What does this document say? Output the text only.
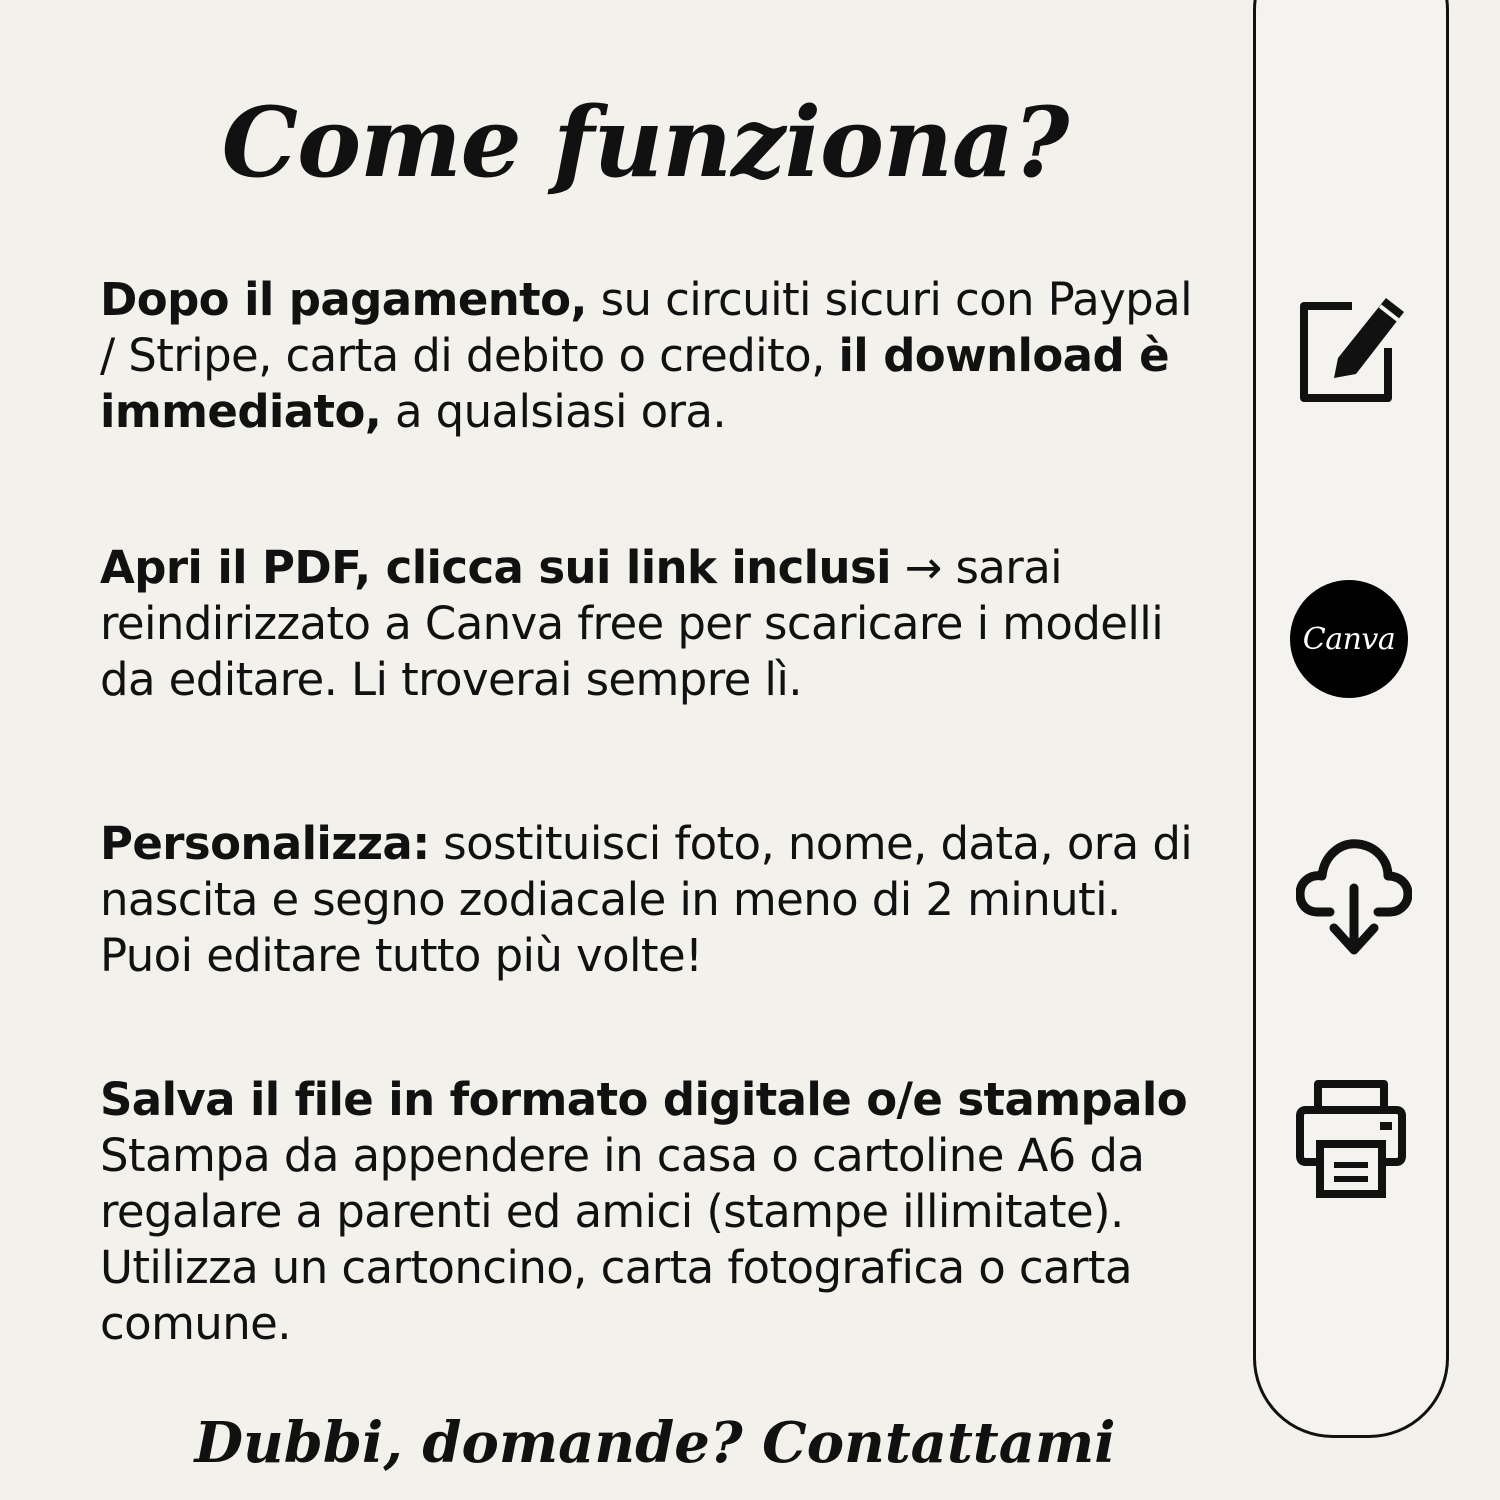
Come funziona?
Dopo il pagamento, su circuiti sicuri con Paypal / Stripe, carta di debito o credito, il download è immediato, a qualsiasi ora.
Apri il PDF, clicca sui link inclusi → sarai reindirizzato a Canva free per scaricare i modelli da editare. Li troverai sempre lì.
Personalizza: sostituisci foto, nome, data, ora di nascita e segno zodiacale in meno di 2 minuti. Puoi editare tutto più volte!
Salva il file in formato digitale o/e stampalo
Stampa da appendere in casa o cartoline A6 da regalare a parenti ed amici (stampe illimitate). Utilizza un cartoncino, carta fotografica o carta comune.
Dubbi, domande? Contattami
Canva
